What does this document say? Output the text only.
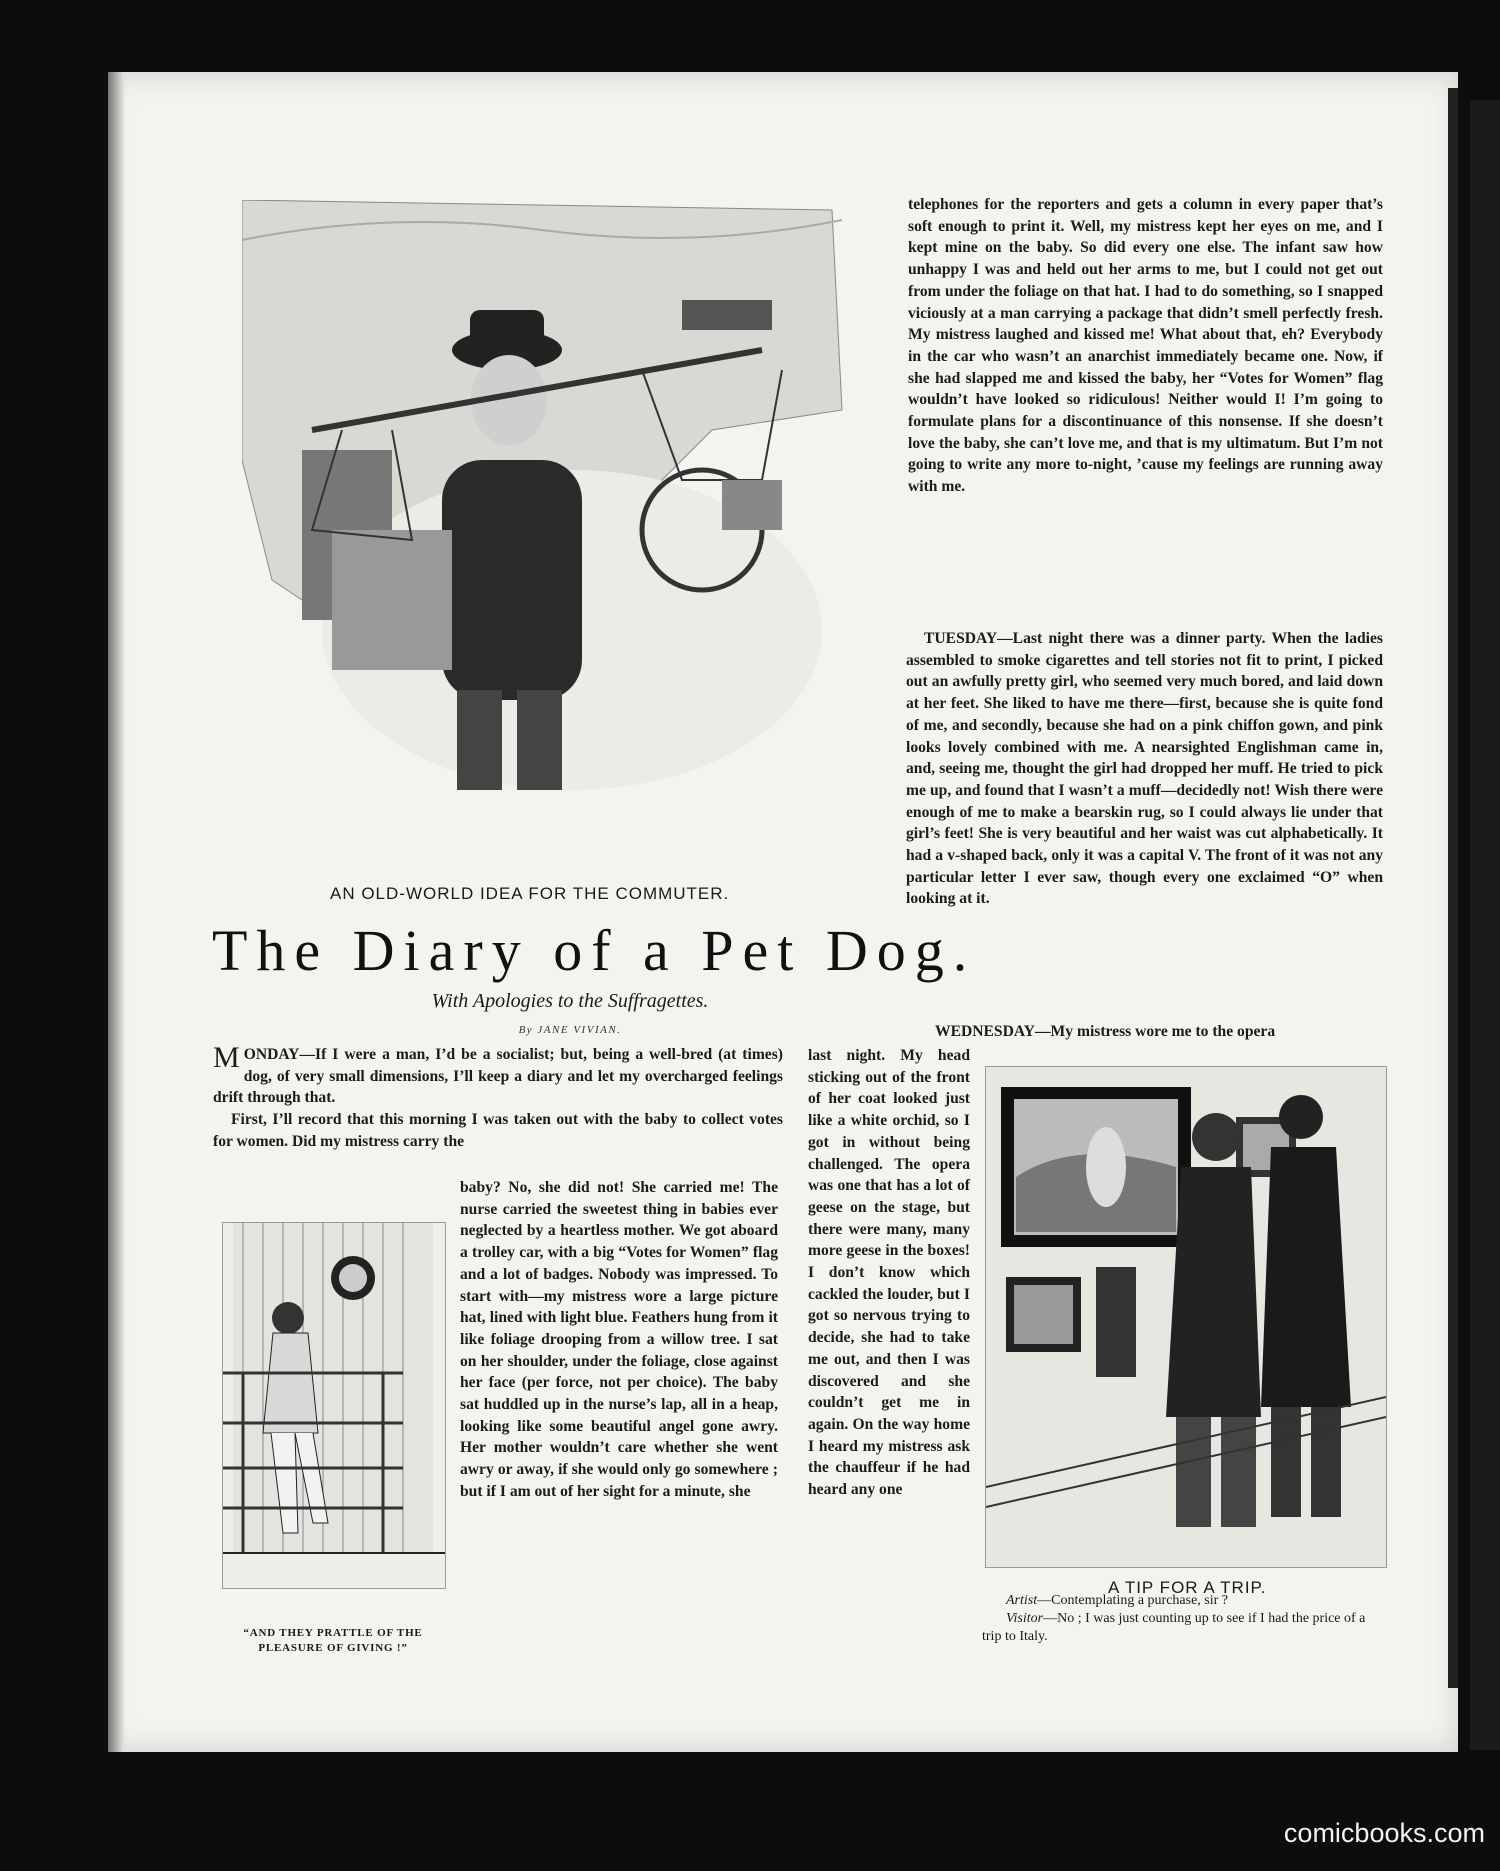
AN OLD-WORLD IDEA FOR THE COMMUTER.
The Diary of a Pet Dog.
With Apologies to the Suffragettes.
By JANE VIVIAN.

MONDAY—If I were a man, I’d be a socialist; but, being a well-bred (at times) dog, of very small dimensions, I’ll keep a diary and let my overcharged feelings drift through that.

First, I’ll record that this morning I was taken out with the baby to collect votes for women. Did my mistress carry the

“AND THEY PRATTLE OF THE
PLEASURE OF GIVING !”
baby? No, she did not! She carried me! The nurse carried the sweetest thing in babies ever neglected by a heartless mother. We got aboard a trolley car, with a big “Votes for Women” flag and a lot of badges. Nobody was impressed. To start with—my mistress wore a large picture hat, lined with light blue. Feathers hung from it like foliage drooping from a willow tree. I sat on her shoulder, under the foliage, close against her face (per force, not per choice). The baby sat huddled up in the nurse’s lap, all in a heap, looking like some beautiful angel gone awry. Her mother wouldn’t care whether she went awry or away, if she would only go somewhere ; but if I am out of her sight for a minute, she
last night. My head sticking out of the front of her coat looked just like a white orchid, so I got in without being challenged. The opera was one that has a lot of geese on the stage, but there were many, many more geese in the boxes! I don’t know which cackled the louder, but I got so nervous trying to decide, she had to take me out, and then I was discovered and she couldn’t get me in again. On the way home I heard my mistress ask the chauffeur if he had heard any one
telephones for the reporters and gets a column in every paper that’s soft enough to print it. Well, my mistress kept her eyes on me, and I kept mine on the baby. So did every one else. The infant saw how unhappy I was and held out her arms to me, but I could not get out from under the foliage on that hat. I had to do something, so I snapped viciously at a man carrying a package that didn’t smell perfectly fresh. My mistress laughed and kissed me! What about that, eh? Everybody in the car who wasn’t an anarchist immediately became one. Now, if she had slapped me and kissed the baby, her “Votes for Women” flag wouldn’t have looked so ridiculous! Neither would I! I’m going to formulate plans for a discontinuance of this nonsense. If she doesn’t love the baby, she can’t love me, and that is my ultimatum. But I’m not going to write any more to-night, ’cause my feelings are running away with me.
TUESDAY—Last night there was a dinner party. When the ladies assembled to smoke cigarettes and tell stories not fit to print, I picked out an awfully pretty girl, who seemed very much bored, and laid down at her feet. She liked to have me there—first, because she is quite fond of me, and secondly, because she had on a pink chiffon gown, and pink looks lovely combined with me. A nearsighted Englishman came in, and, seeing me, thought the girl had dropped her muff. He tried to pick me up, and found that I wasn’t a muff—decidedly not! Wish there were enough of me to make a bearskin rug, so I could always lie under that girl’s feet! She is very beautiful and her waist was cut alphabetically. It had a v-shaped back, only it was a capital V. The front of it was not any particular letter I ever saw, though every one exclaimed “O” when looking at it.
WEDNESDAY—My mistress wore me to the opera
A TIP FOR A TRIP.
Artist—Contemplating a purchase, sir ?
Visitor—No ; I was just counting up to see if I had the price of a trip to Italy.
comicbooks.com
